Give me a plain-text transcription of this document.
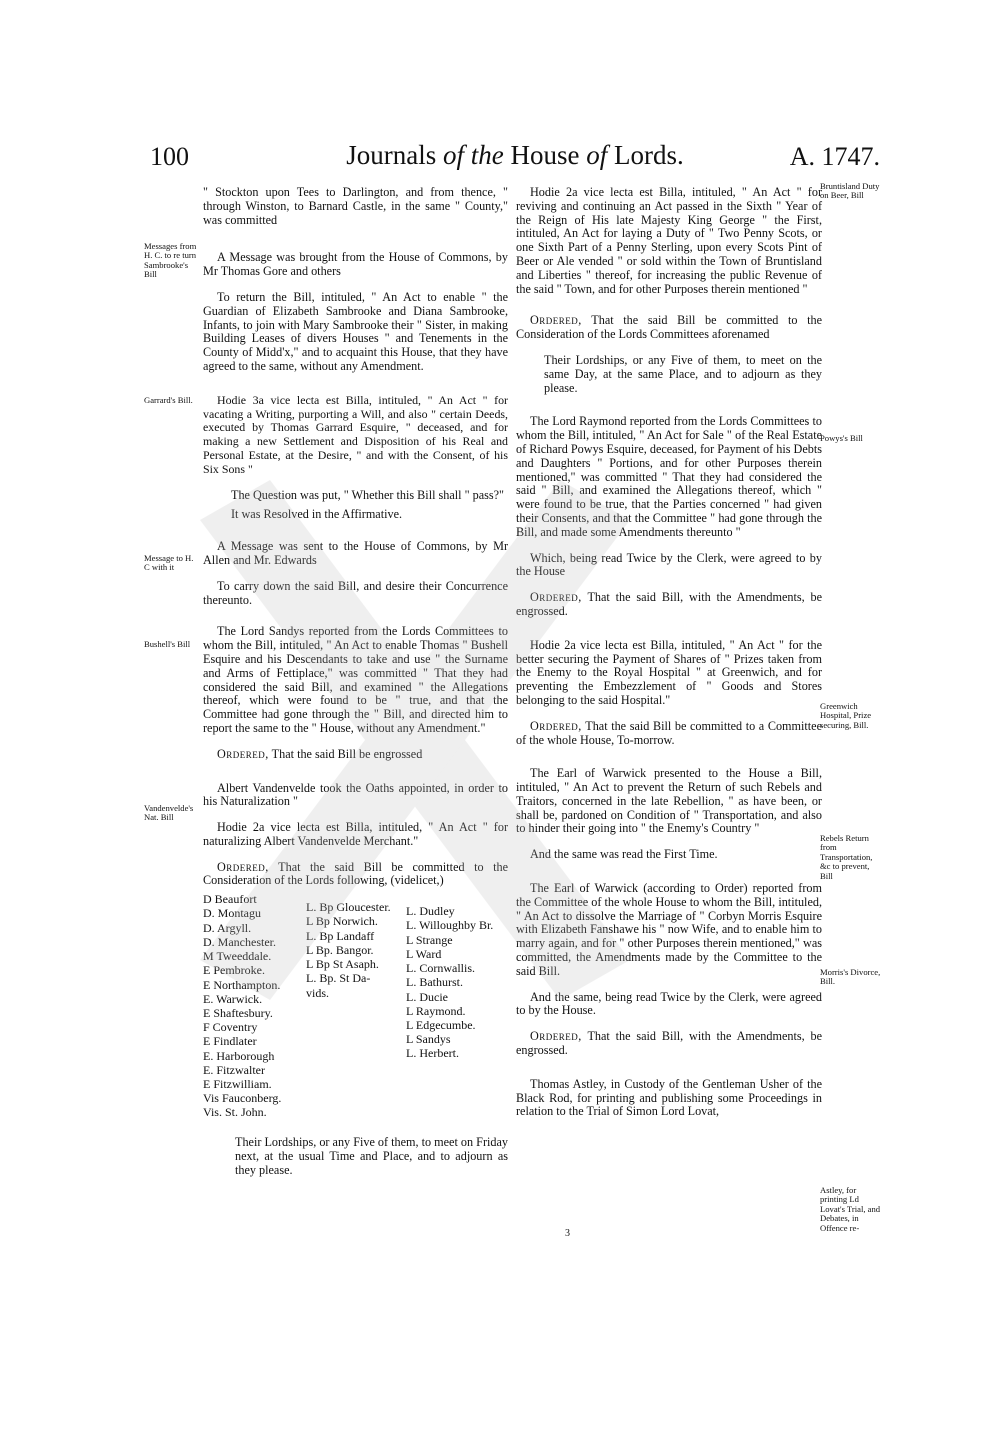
100	Journals of the House of Lords.	A. 1747.
Messages from H. C. to re turn Sambrooke's Bill
Garrard's Bill.
Message to H. C with it
Bushell's Bill
Vandenvelde's Nat. Bill
Bruntisland Duty on Beer, Bill
Powys's Bill
Greenwich Hospital, Prize securing, Bill.
Rebels Return from Transportation, &c to prevent, Bill
Morris's Divorce, Bill.
Astley, for printing Ld Lovat's Trial, and Debates, in Offence re-

" Stockton upon Tees to Darlington, and from thence, " through Winston, to Barnard Castle, in the same " County," was committed

A Message was brought from the House of Commons, by Mr Thomas Gore and others

To return the Bill, intituled, " An Act to enable " the Guardian of Elizabeth Sambrooke and Diana Sambrooke, Infants, to join with Mary Sambrooke their " Sister, in making Building Leases of divers Houses " and Tenements in the County of Midd'x," and to acquaint this House, that they have agreed to the same, without any Amendment.

Hodie 3a vice lecta est Billa, intituled, " An Act " for vacating a Writing, purporting a Will, and also " certain Deeds, executed by Thomas Garrard Esquire, " deceased, and for making a new Settlement and Disposition of his Real and Personal Estate, at the Desire, " and with the Consent, of his Six Sons "

The Question was put, " Whether this Bill shall " pass?"

It was Resolved in the Affirmative.

A Message was sent to the House of Commons, by Mr Allen and Mr. Edwards

To carry down the said Bill, and desire their Concurrence thereunto.

The Lord Sandys reported from the Lords Committees to whom the Bill, intituled, " An Act to enable Thomas " Bushell Esquire and his Descendants to take and use " the Surname and Arms of Fettiplace," was committed " That they had considered the said Bill, and examined " the Allegations thereof, which were found to be " true, and that the Committee had gone through the " Bill, and directed him to report the same to the " House, without any Amendment."

Ordered, That the said Bill be engrossed

Albert Vandenvelde took the Oaths appointed, in order to his Naturalization "

Hodie 2a vice lecta est Billa, intituled, " An Act " for naturalizing Albert Vandenvelde Merchant."

Ordered, That the said Bill be committed to the Consideration of the Lords following, (videlicet,)

D Beaufort
D. Montagu
D. Argyll.
D. Manchester.
M Tweeddale.
E Pembroke.
E Northampton.
E. Warwick.
E Shaftesbury.
F Coventry
E Findlater
E. Harborough
E. Fitzwalter
E Fitzwilliam.
Vis Fauconberg.
Vis. St. John.
L. Bp Gloucester.
L Bp Norwich.
L. Bp Landaff
L Bp. Bangor.
L Bp St Asaph.
L. Bp. St Da-
vids.
L. Dudley
L. Willoughby Br.
L Strange
L Ward
L. Cornwallis.
L. Bathurst.
L. Ducie
L Raymond.
L Edgecumbe.
L Sandys
L. Herbert.

Their Lordships, or any Five of them, to meet on Friday next, at the usual Time and Place, and to adjourn as they please.

Hodie 2a vice lecta est Billa, intituled, " An Act " for reviving and continuing an Act passed in the Sixth " Year of the Reign of His late Majesty King George " the First, intituled, An Act for laying a Duty of " Two Penny Scots, or one Sixth Part of a Penny Sterling, upon every Scots Pint of Beer or Ale vended " or sold within the Town of Bruntisland and Liberties " thereof, for increasing the public Revenue of the said " Town, and for other Purposes therein mentioned "

Ordered, That the said Bill be committed to the Consideration of the Lords Committees aforenamed

Their Lordships, or any Five of them, to meet on the same Day, at the same Place, and to adjourn as they please.

The Lord Raymond reported from the Lords Committees to whom the Bill, intituled, " An Act for Sale " of the Real Estate of Richard Powys Esquire, deceased, for Payment of his Debts and Daughters " Portions, and for other Purposes therein mentioned," was committed " That they had considered the said " Bill, and examined the Allegations thereof, which " were found to be true, that the Parties concerned " had given their Consents, and that the Committee " had gone through the Bill, and made some Amendments thereunto "

Which, being read Twice by the Clerk, were agreed to by the House

Ordered, That the said Bill, with the Amendments, be engrossed.

Hodie 2a vice lecta est Billa, intituled, " An Act " for the better securing the Payment of Shares of " Prizes taken from the Enemy to the Royal Hospital " at Greenwich, and for preventing the Embezzlement of " Goods and Stores belonging to the said Hospital."

Ordered, That the said Bill be committed to a Committee of the whole House, To-morrow.

The Earl of Warwick presented to the House a Bill, intituled, " An Act to prevent the Return of such Rebels and Traitors, concerned in the late Rebellion, " as have been, or shall be, pardoned on Condition of " Transportation, and also to hinder their going into " the Enemy's Country "

And the same was read the First Time.

The Earl of Warwick (according to Order) reported from the Committee of the whole House to whom the Bill, intituled, " An Act to dissolve the Marriage of " Corbyn Morris Esquire with Elizabeth Fanshawe his " now Wife, and to enable him to marry again, and for " other Purposes therein mentioned," was committed, the Amendments made by the Committee to the said Bill.

And the same, being read Twice by the Clerk, were agreed to by the House.

Ordered, That the said Bill, with the Amendments, be engrossed.

Thomas Astley, in Custody of the Gentleman Usher of the Black Rod, for printing and publishing some Proceedings in relation to the Trial of Simon Lord Lovat,

3
